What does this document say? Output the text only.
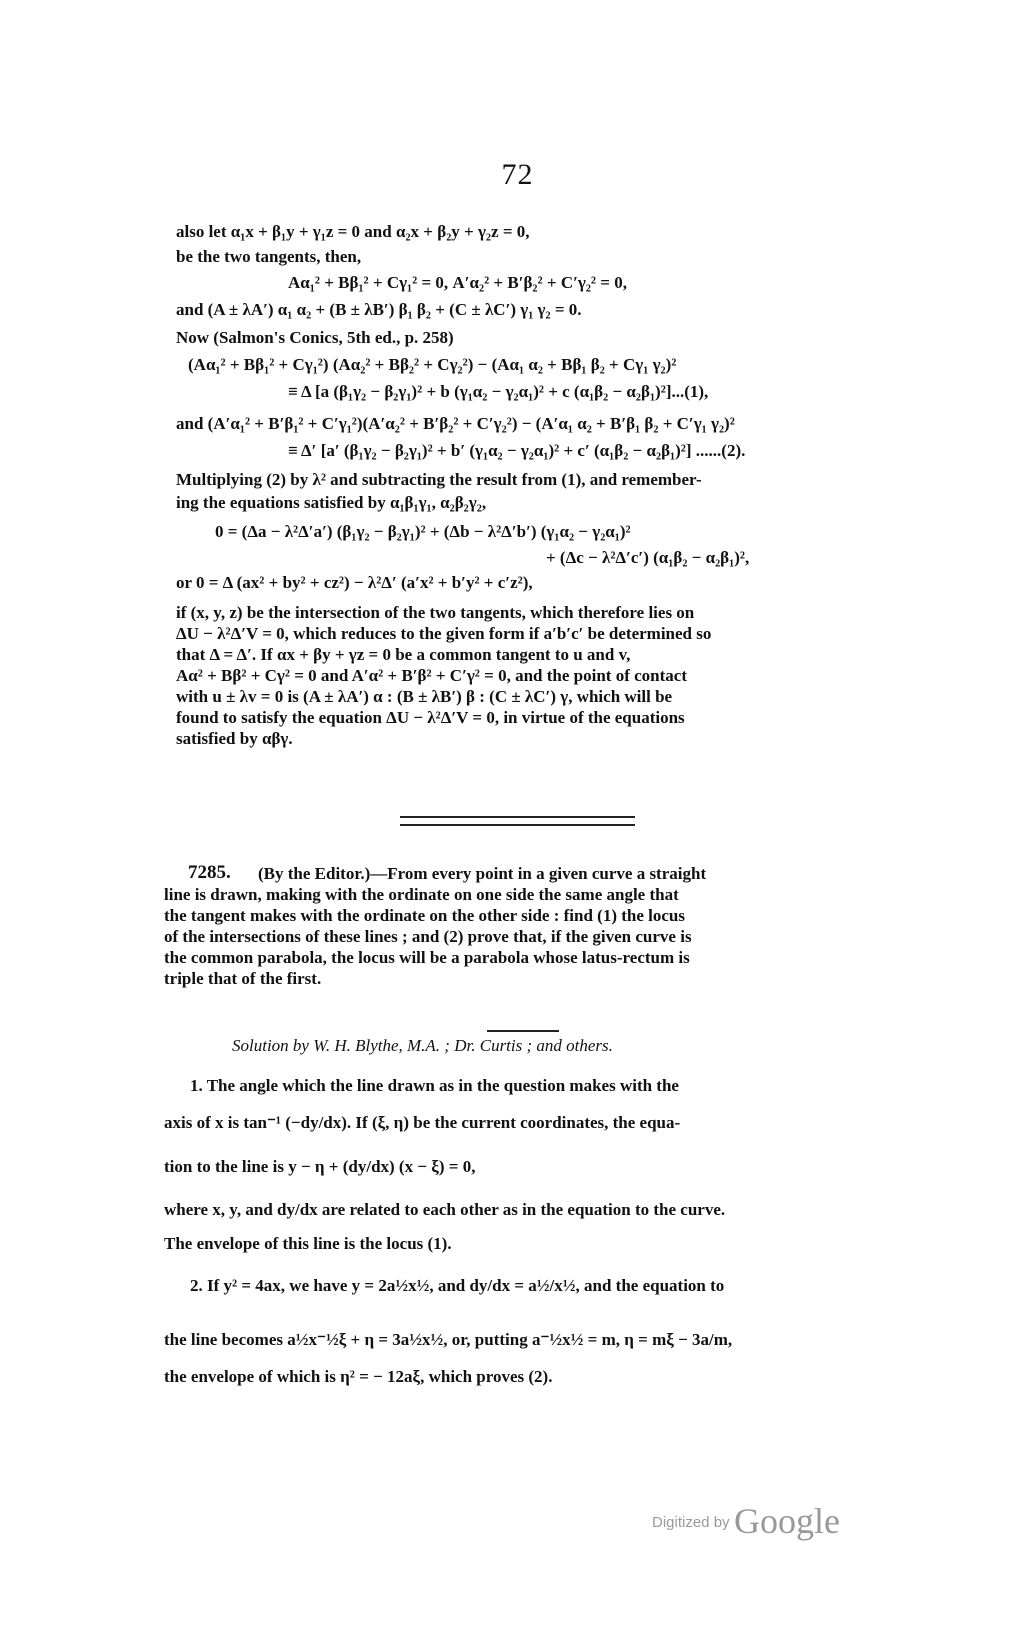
72
also let α₁x + β₁y + γ₁z = 0 and α₂x + β₂y + γ₂z = 0,
be the two tangents, then,
Aα₁² + Bβ₁² + Cγ₁² = 0, A′α₂² + B′β₂² + C′γ₂² = 0,
and (A ± λA′) α₁ α₂ + (B ± λB′) β₁ β₂ + (C ± λC′) γ₁ γ₂ = 0.
Now (Salmon's Conics, 5th ed., p. 258)
(Aα₁² + Bβ₁² + Cγ₁²) (Aα₂² + Bβ₂² + Cγ₂²) − (Aα₁ α₂ + Bβ₁ β₂ + Cγ₁ γ₂)²
≡ Δ [a (β₁γ₂ − β₂γ₁)² + b (γ₁α₂ − γ₂α₁)² + c (α₁β₂ − α₂β₁)²]...(1),
and (A′α₁² + B′β₁² + C′γ₁²)(A′α₂² + B′β₂² + C′γ₂²) − (A′α₁ α₂ + B′β₁ β₂ + C′γ₁ γ₂)²
≡ Δ′ [a′ (β₁γ₂ − β₂γ₁)² + b′ (γ₁α₂ − γ₂α₁)² + c′ (α₁β₂ − α₂β₁)²] ......(2).
Multiplying (2) by λ² and subtracting the result from (1), and remember-
ing the equations satisfied by α₁β₁γ₁, α₂β₂γ₂,
0 = (Δa − λ²Δ′a′) (β₁γ₂ − β₂γ₁)² + (Δb − λ²Δ′b′) (γ₁α₂ − γ₂α₁)²
+ (Δc − λ²Δ′c′) (α₁β₂ − α₂β₁)²,
or 0 = Δ (ax² + by² + cz²) − λ²Δ′ (a′x² + b′y² + c′z²),
if (x, y, z) be the intersection of the two tangents, which therefore lies on
ΔU − λ²Δ′V = 0, which reduces to the given form if a′b′c′ be determined so
that Δ = Δ′. If αx + βy + γz = 0 be a common tangent to u and v,
Aα² + Bβ² + Cγ² = 0 and A′α² + B′β² + C′γ² = 0, and the point of contact
with u ± λv = 0 is (A ± λA′) α : (B ± λB′) β : (C ± λC′) γ, which will be
found to satisfy the equation ΔU − λ²Δ′V = 0, in virtue of the equations
satisfied by αβγ.
7285. (By the Editor.)—From every point in a given curve a straight
line is drawn, making with the ordinate on one side the same angle that
the tangent makes with the ordinate on the other side : find (1) the locus
of the intersections of these lines ; and (2) prove that, if the given curve is
the common parabola, the locus will be a parabola whose latus-rectum is
triple that of the first.
Solution by W. H. Blythe, M.A. ; Dr. Curtis ; and others.
1. The angle which the line drawn as in the question makes with the
axis of x is tan⁻¹ (−dy/dx). If (ξ, η) be the current coordinates, the equa-
tion to the line is y − η + (dy/dx) (x − ξ) = 0,
where x, y, and dy/dx are related to each other as in the equation to the curve.
The envelope of this line is the locus (1).
2. If y² = 4ax, we have y = 2a½x½, and dy/dx = a½/x½, and the equation to
the line becomes a½x⁻½ξ + η = 3a½x½, or, putting a⁻½x½ = m, η = mξ − 3a/m,
the envelope of which is η² = − 12aξ, which proves (2).
Digitized by Google
